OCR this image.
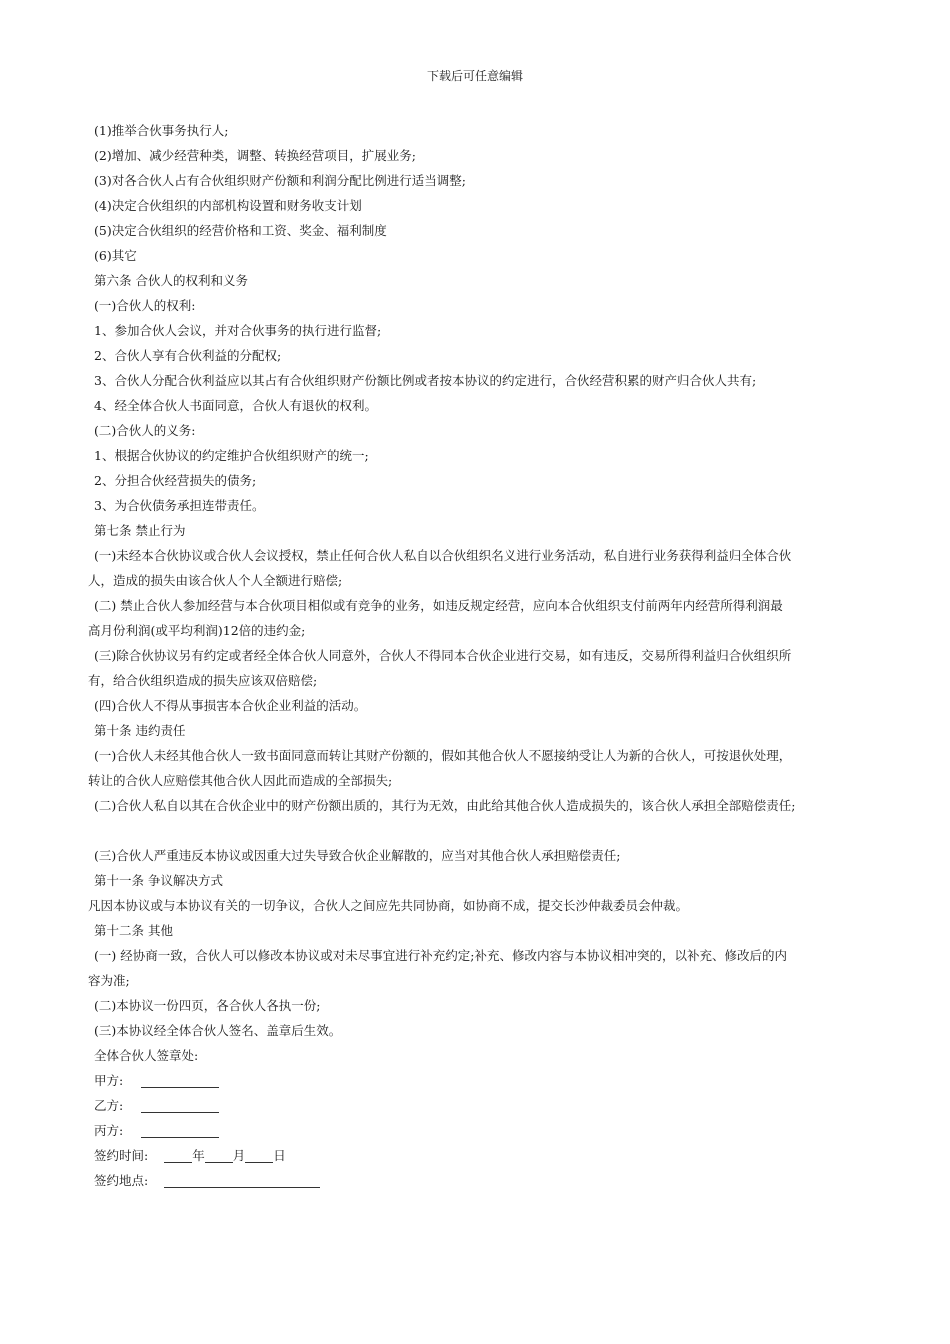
下载后可任意编辑
(1)推举合伙事务执行人;
(2)增加、减少经营种类，调整、转换经营项目，扩展业务;
(3)对各合伙人占有合伙组织财产份额和利润分配比例进行适当调整;
(4)决定合伙组织的内部机构设置和财务收支计划
(5)决定合伙组织的经营价格和工资、奖金、福利制度
(6)其它
第六条 合伙人的权利和义务
(一)合伙人的权利:
1、参加合伙人会议，并对合伙事务的执行进行监督;
2、合伙人享有合伙利益的分配权;
3、合伙人分配合伙利益应以其占有合伙组织财产份额比例或者按本协议的约定进行，合伙经营积累的财产归合伙人共有;
4、经全体合伙人书面同意，合伙人有退伙的权利。
(二)合伙人的义务:
1、根据合伙协议的约定维护合伙组织财产的统一;
2、分担合伙经营损失的债务;
3、为合伙债务承担连带责任。
第七条 禁止行为
(一)未经本合伙协议或合伙人会议授权，禁止任何合伙人私自以合伙组织名义进行业务活动，私自进行业务获得利益归全体合伙
人，造成的损失由该合伙人个人全额进行赔偿;
(二) 禁止合伙人参加经营与本合伙项目相似或有竞争的业务，如违反规定经营，应向本合伙组织支付前两年内经营所得利润最
高月份利润(或平均利润)12倍的违约金;
(三)除合伙协议另有约定或者经全体合伙人同意外，合伙人不得同本合伙企业进行交易，如有违反，交易所得利益归合伙组织所
有，给合伙组织造成的损失应该双倍赔偿;
(四)合伙人不得从事损害本合伙企业利益的活动。
第十条 违约责任
(一)合伙人未经其他合伙人一致书面同意而转让其财产份额的，假如其他合伙人不愿接纳受让人为新的合伙人，可按退伙处理，
转让的合伙人应赔偿其他合伙人因此而造成的全部损失;
(二)合伙人私自以其在合伙企业中的财产份额出质的，其行为无效，由此给其他合伙人造成损失的，该合伙人承担全部赔偿责任;
(三)合伙人严重违反本协议或因重大过失导致合伙企业解散的，应当对其他合伙人承担赔偿责任;
第十一条 争议解决方式
凡因本协议或与本协议有关的一切争议，合伙人之间应先共同协商，如协商不成，提交长沙仲裁委员会仲裁。
第十二条 其他
(一) 经协商一致，合伙人可以修改本协议或对未尽事宜进行补充约定;补充、修改内容与本协议相冲突的，以补充、修改后的内
容为准;
(二)本协议一份四页，各合伙人各执一份;
(三)本协议经全体合伙人签名、盖章后生效。
全体合伙人签章处:
甲方:
乙方:
丙方:
签约时间:	年 月 日
签约地点:
